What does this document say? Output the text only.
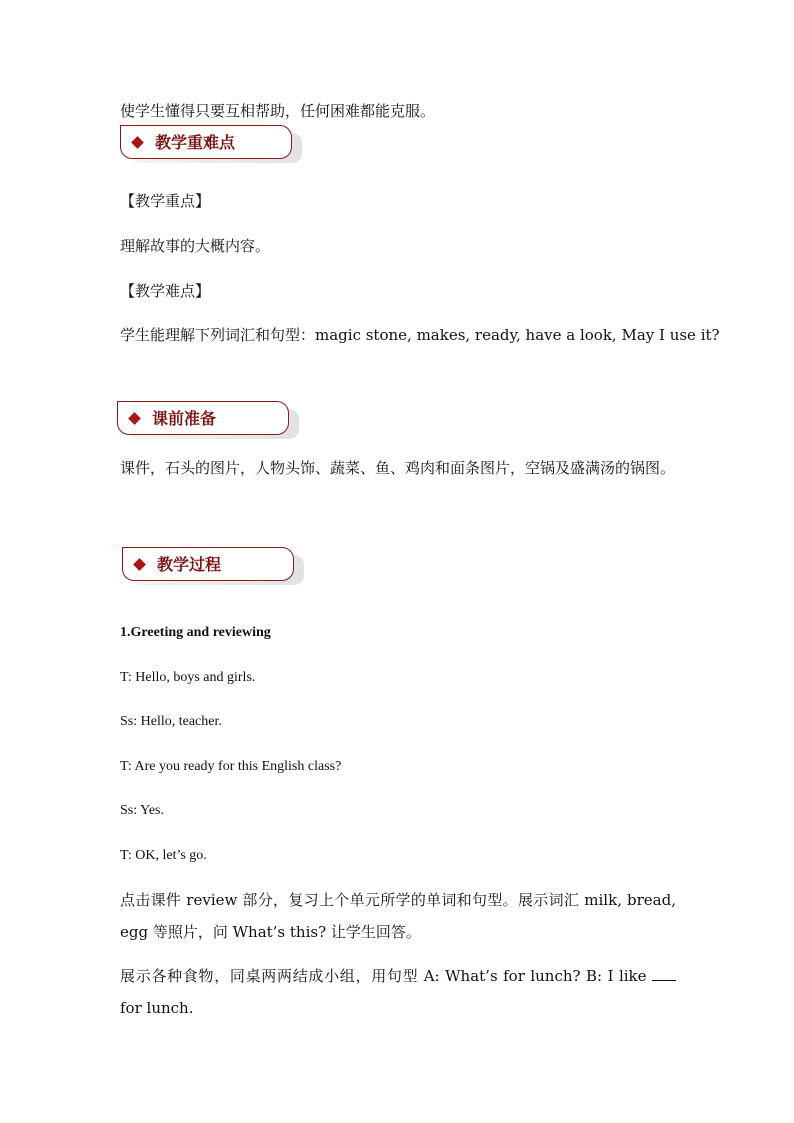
使学生懂得只要互相帮助，任何困难都能克服。
教学重难点
【教学重点】
理解故事的大概内容。
【教学难点】
学生能理解下列词汇和句型：magic stone, makes, ready, have a look, May I use it?
课前准备
课件，石头的图片，人物头饰、蔬菜、鱼、鸡肉和面条图片，空锅及盛满汤的锅图。
教学过程
1.Greeting and reviewing
T: Hello, boys and girls.
Ss: Hello, teacher.
T: Are you ready for this English class?
Ss: Yes.
T: OK, let’s go.
点击课件 review 部分，复习上个单元所学的单词和句型。展示词汇 milk, bread, egg 等照片，问 What’s this? 让学生回答。
展示各种食物，同桌两两结成小组，用句型 A: What’s for lunch? B: I like  for lunch.
